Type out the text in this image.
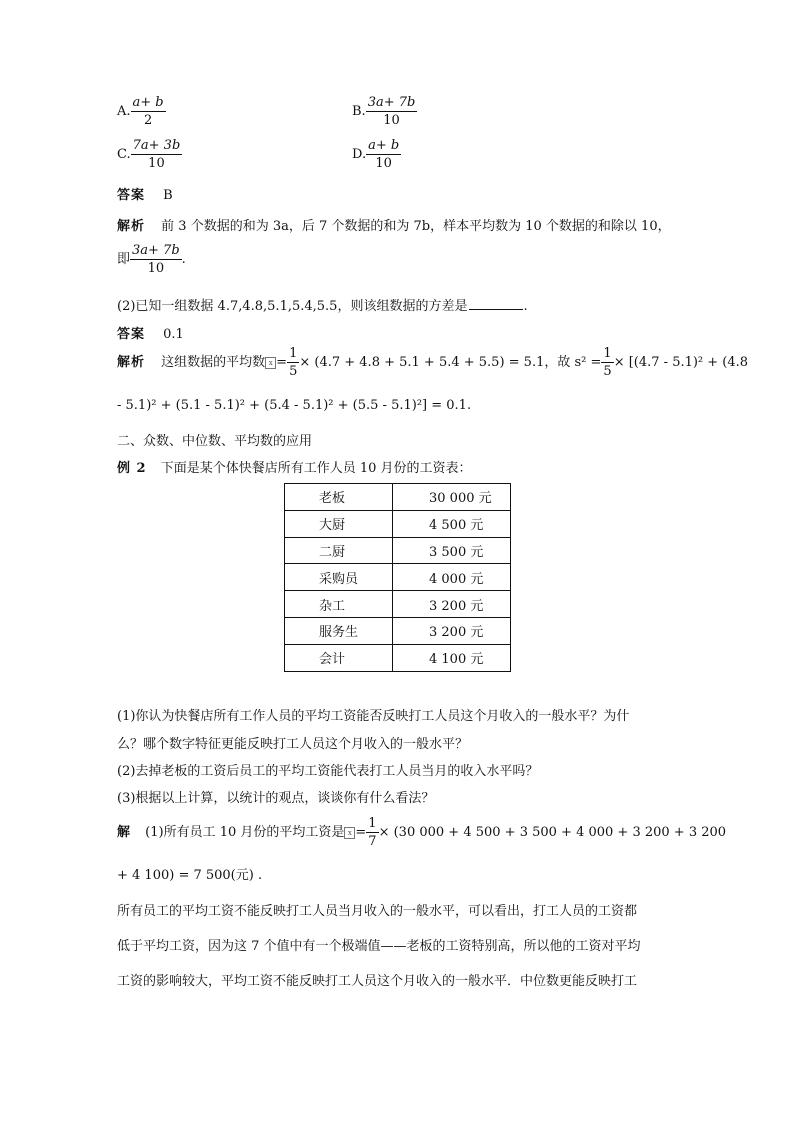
A. $\frac{a+ b}{2}$	B. $\frac{3a+ 7b}{10}$
C. $\frac{7a+ 3b}{10}$	D. $\frac{a+ b}{10}$
答案 B
解析 前 3 个数据的和为 3a，后 7 个数据的和为 7b，样本平均数为 10 个数据的和除以 10，
即 $\frac{3a+ 7b}{10}$ .
(2)已知一组数据 4.7,4.8,5.1,5.4,5.5，则该组数据的方差是	.
答案 0.1
解析 这组数据的平均数 $x = \frac{1}{5} \times (4.7 + 4.8 + 5.1 + 5.4 + 5.5) = 5.1$，故 $s^2 = \frac{1}{5} \times [(4.7 - 5.1)^2 + (4.8$
- 5.1)² + (5.1 - 5.1)² + (5.4 - 5.1)² + (5.5 - 5.1)²] = 0.1.
二、众数、中位数、平均数的应用
例 2 下面是某个体快餐店所有工作人员 10 月份的工资表：
老板	30 000 元
大厨	4 500 元
二厨	3 500 元
采购员	4 000 元
杂工	3 200 元
服务生	3 200 元
会计	4 100 元
(1)你认为快餐店所有工作人员的平均工资能否反映打工人员这个月收入的一般水平？为什
么？哪个数字特征更能反映打工人员这个月收入的一般水平？
(2)去掉老板的工资后员工的平均工资能代表打工人员当月的收入水平吗？
(3)根据以上计算，以统计的观点，谈谈你有什么看法？
解 (1)所有员工 10 月份的平均工资是 $x = \frac{1}{7} \times (30$ 000 + 4 500 + 3 500 + 4 000 + 3 200 + 3 200
+ 4 100) = 7 500(元) .
所有员工的平均工资不能反映打工人员当月收入的一般水平，可以看出，打工人员的工资都
低于平均工资，因为这 7 个值中有一个极端值——老板的工资特别高，所以他的工资对平均
工资的影响较大，平均工资不能反映打工人员这个月收入的一般水平．中位数更能反映打工
